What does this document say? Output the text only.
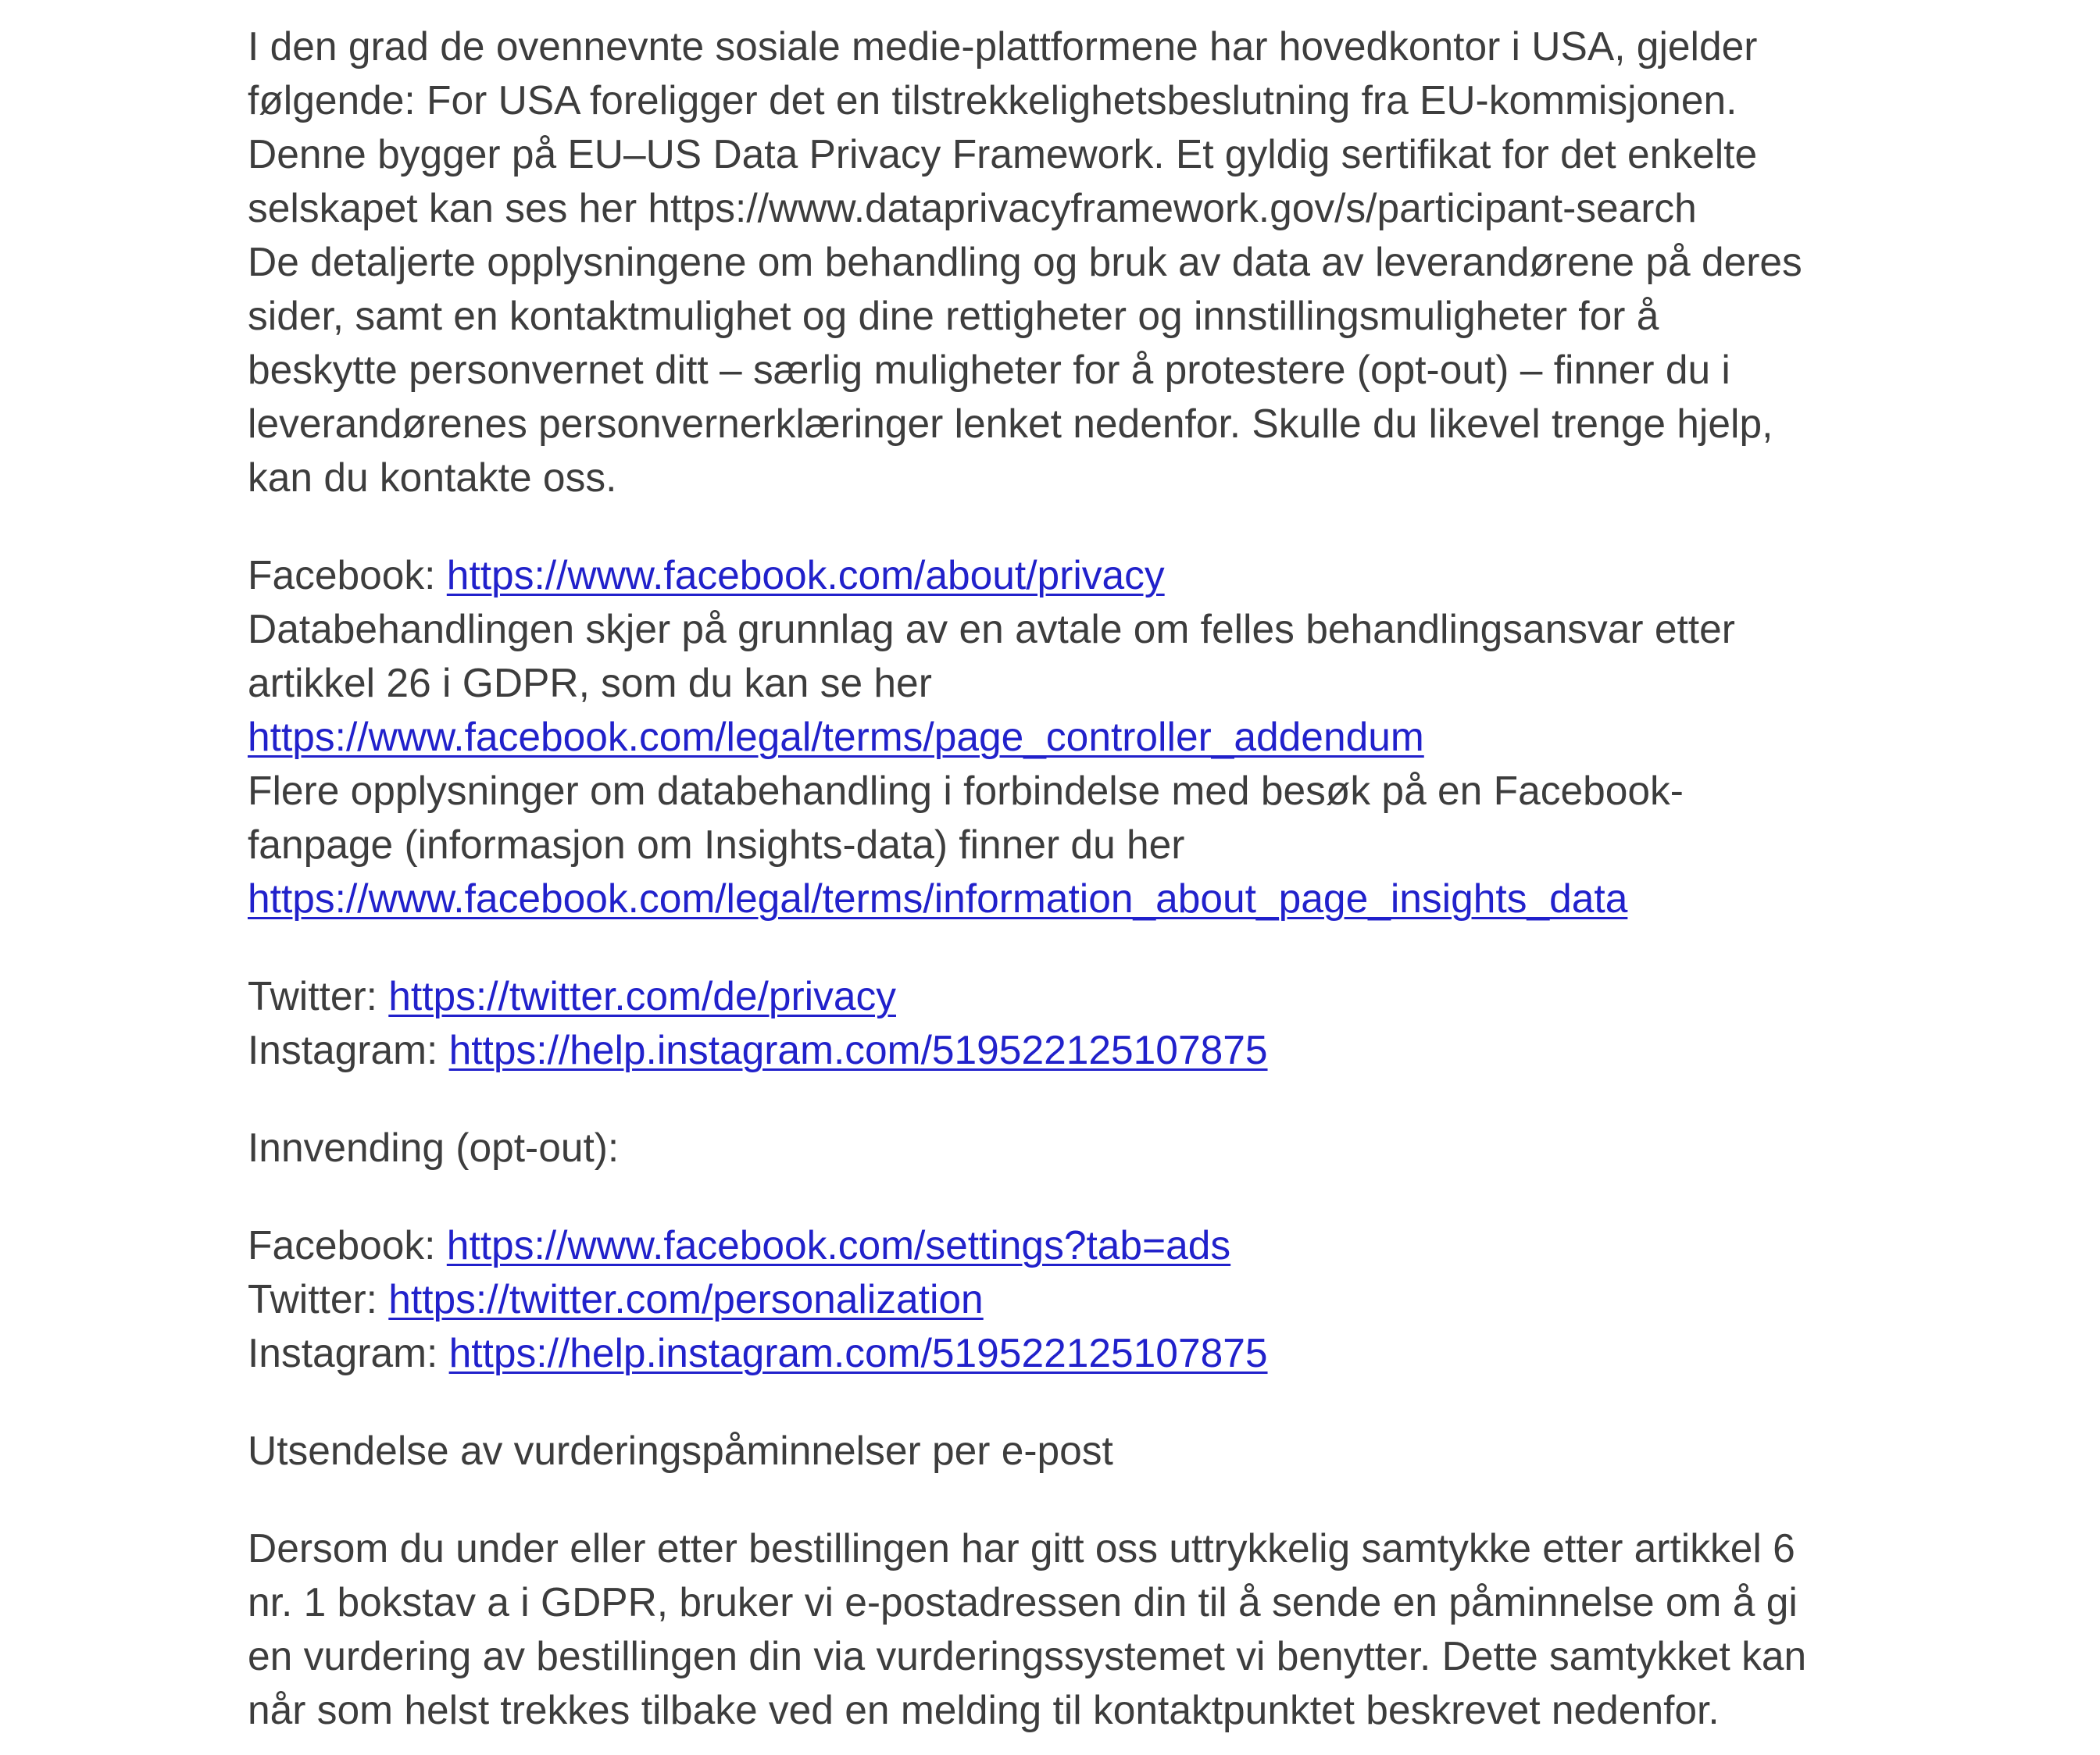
I den grad de ovennevnte sosiale medie-plattformene har hovedkontor i USA, gjelder
følgende: For USA foreligger det en tilstrekkelighetsbeslutning fra EU-kommisjonen.
Denne bygger på EU–US Data Privacy Framework. Et gyldig sertifikat for det enkelte
selskapet kan ses her https://www.dataprivacyframework.gov/s/participant-search
De detaljerte opplysningene om behandling og bruk av data av leverandørene på deres
sider, samt en kontaktmulighet og dine rettigheter og innstillingsmuligheter for å
beskytte personvernet ditt – særlig muligheter for å protestere (opt-out) – finner du i
leverandørenes personvernerklæringer lenket nedenfor. Skulle du likevel trenge hjelp,
kan du kontakte oss.

Facebook: https://www.facebook.com/about/privacy
Databehandlingen skjer på grunnlag av en avtale om felles behandlingsansvar etter
artikkel 26 i GDPR, som du kan se her
https://www.facebook.com/legal/terms/page_controller_addendum
Flere opplysninger om databehandling i forbindelse med besøk på en Facebook-
fanpage (informasjon om Insights-data) finner du her
https://www.facebook.com/legal/terms/information_about_page_insights_data

Twitter: https://twitter.com/de/privacy
Instagram: https://help.instagram.com/519522125107875

Innvending (opt-out):

Facebook: https://www.facebook.com/settings?tab=ads
Twitter: https://twitter.com/personalization
Instagram: https://help.instagram.com/519522125107875

Utsendelse av vurderingspåminnelser per e-post

Dersom du under eller etter bestillingen har gitt oss uttrykkelig samtykke etter artikkel 6
nr. 1 bokstav a i GDPR, bruker vi e-postadressen din til å sende en påminnelse om å gi
en vurdering av bestillingen din via vurderingssystemet vi benytter. Dette samtykket kan
når som helst trekkes tilbake ved en melding til kontaktpunktet beskrevet nedenfor.
